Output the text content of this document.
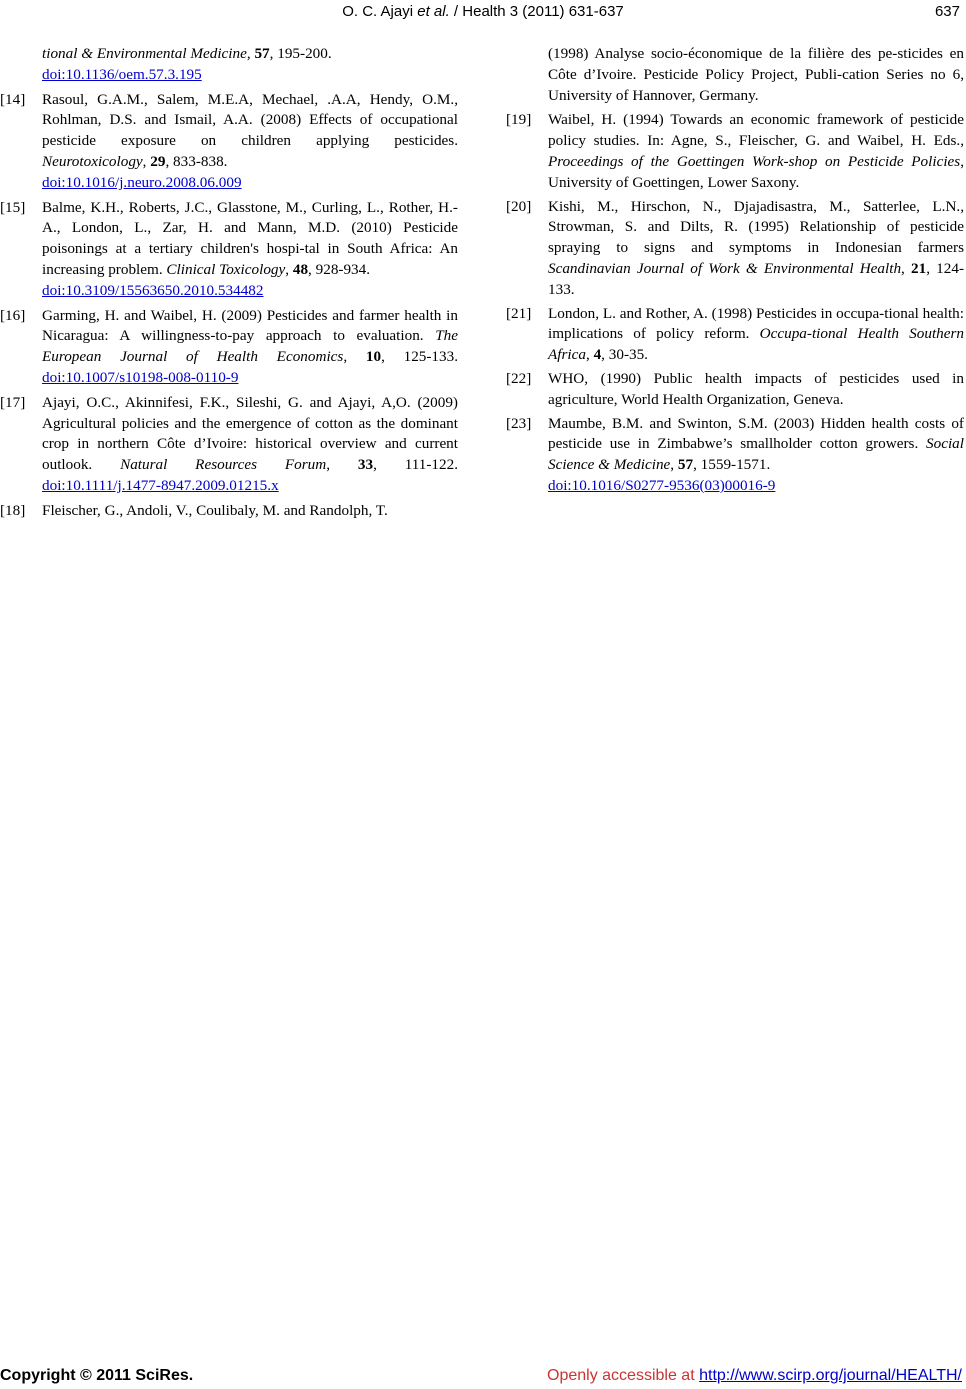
O. C. Ajayi et al. / Health 3 (2011) 631-637	637
tional & Environmental Medicine, 57, 195-200.
doi:10.1136/oem.57.3.195
[14] Rasoul, G.A.M., Salem, M.E.A, Mechael, .A.A, Hendy, O.M., Rohlman, D.S. and Ismail, A.A. (2008) Effects of occupational pesticide exposure on children applying pesticides. Neurotoxicology, 29, 833-838.
doi:10.1016/j.neuro.2008.06.009
[15] Balme, K.H., Roberts, J.C., Glasstone, M., Curling, L., Rother, H.-A., London, L., Zar, H. and Mann, M.D. (2010) Pesticide poisonings at a tertiary children's hospi-tal in South Africa: An increasing problem. Clinical Toxicology, 48, 928-934.
doi:10.3109/15563650.2010.534482
[16] Garming, H. and Waibel, H. (2009) Pesticides and farmer health in Nicaragua: A willingness-to-pay approach to evaluation. The European Journal of Health Economics, 10, 125-133. doi:10.1007/s10198-008-0110-9
[17] Ajayi, O.C., Akinnifesi, F.K., Sileshi, G. and Ajayi, A,O. (2009) Agricultural policies and the emergence of cotton as the dominant crop in northern Côte d’Ivoire: historical overview and current outlook. Natural Resources Forum, 33, 111-122. doi:10.1111/j.1477-8947.2009.01215.x
[18] Fleischer, G., Andoli, V., Coulibaly, M. and Randolph, T.
(1998) Analyse socio-économique de la filière des pe-sticides en Côte d’Ivoire. Pesticide Policy Project, Publi-cation Series no 6, University of Hannover, Germany.
[19] Waibel, H. (1994) Towards an economic framework of pesticide policy studies. In: Agne, S., Fleischer, G. and Waibel, H. Eds., Proceedings of the Goettingen Work-shop on Pesticide Policies, University of Goettingen, Lower Saxony.
[20] Kishi, M., Hirschon, N., Djajadisastra, M., Satterlee, L.N., Strowman, S. and Dilts, R. (1995) Relationship of pesticide spraying to signs and symptoms in Indonesian farmers Scandinavian Journal of Work & Environmental Health, 21, 124-133.
[21] London, L. and Rother, A. (1998) Pesticides in occupa-tional health: implications of policy reform. Occupa-tional Health Southern Africa, 4, 30-35.
[22] WHO, (1990) Public health impacts of pesticides used in agriculture, World Health Organization, Geneva.
[23] Maumbe, B.M. and Swinton, S.M. (2003) Hidden health costs of pesticide use in Zimbabwe’s smallholder cotton growers. Social Science & Medicine, 57, 1559-1571.
doi:10.1016/S0277-9536(03)00016-9
Copyright © 2011 SciRes.	Openly accessible at http://www.scirp.org/journal/HEALTH/
